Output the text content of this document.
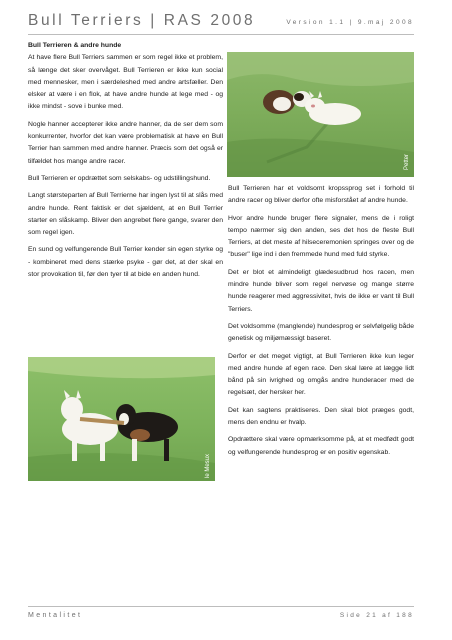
Bull Terriers | RAS 2008	Version 1.1 | 9.maj 2008

Bull Terrieren & andre hunde

At have flere Bull Terriers sammen er som regel ikke et problem, så længe det sker overvåget. Bull Terrieren er ikke kun social med mennesker, men i særdeleshed med andre artsfæller. Den elsker at være i en flok, at have andre hunde at lege med - og ikke mindst - sove i bunke med.

Nogle hanner accepterer ikke andre hanner, da de ser dem som konkurrenter, hvorfor det kan være problematisk at have en Bull Terrier han sammen med andre hanner. Præcis som det også er tilfældet hos mange andre racer.

Bull Terrieren er opdrættet som selskabs- og udstillingshund.

Langt størsteparten af Bull Terrierne har ingen lyst til at slås med andre hunde. Rent faktisk er det sjældent, at en Bull Terrier starter en slåskamp. Bliver den angrebet flere gange, svarer den som regel igen.

En sund og velfungerende Bull Terrier kender sin egen styrke og - kombineret med dens stærke psyke - gør det, at der skal en stor provokation til, før den tyer til at bide en anden hund.

Petter

Bull Terrieren har et voldsomt kropssprog set i forhold til andre racer og bliver derfor ofte misforstået af andre hunde.

Hvor andre hunde bruger flere signaler, mens de i roligt tempo nærmer sig den anden, ses det hos de fleste Bull Terriers, at det meste af hilseceremonien springes over og de "buser" lige ind i den fremmede hund med fuld styrke.

Det er blot et almindeligt glædesudbrud hos racen, men mindre hunde bliver som regel nervøse og mange større hunde reagerer med aggressivitet, hvis de ikke er vant til Bull Terriers.

Det voldsomme (manglende) hundesprog er selvfølgelig både genetisk og miljømæssigt baseret.

Derfor er det meget vigtigt, at Bull Terrieren ikke kun leger med andre hunde af egen race. Den skal lære at lægge lidt bånd på sin ivrighed og omgås andre hunderacer med de regelsæt, der hersker her.

Det kan sagtens praktiseres. Den skal blot præges godt, mens den endnu er hvalp.

Opdrættere skal være opmærksomme på, at et medfødt godt og velfungerende hundesprog er en positiv egenskab.

le Mesux
Mentalitet	Side 21 af 188
